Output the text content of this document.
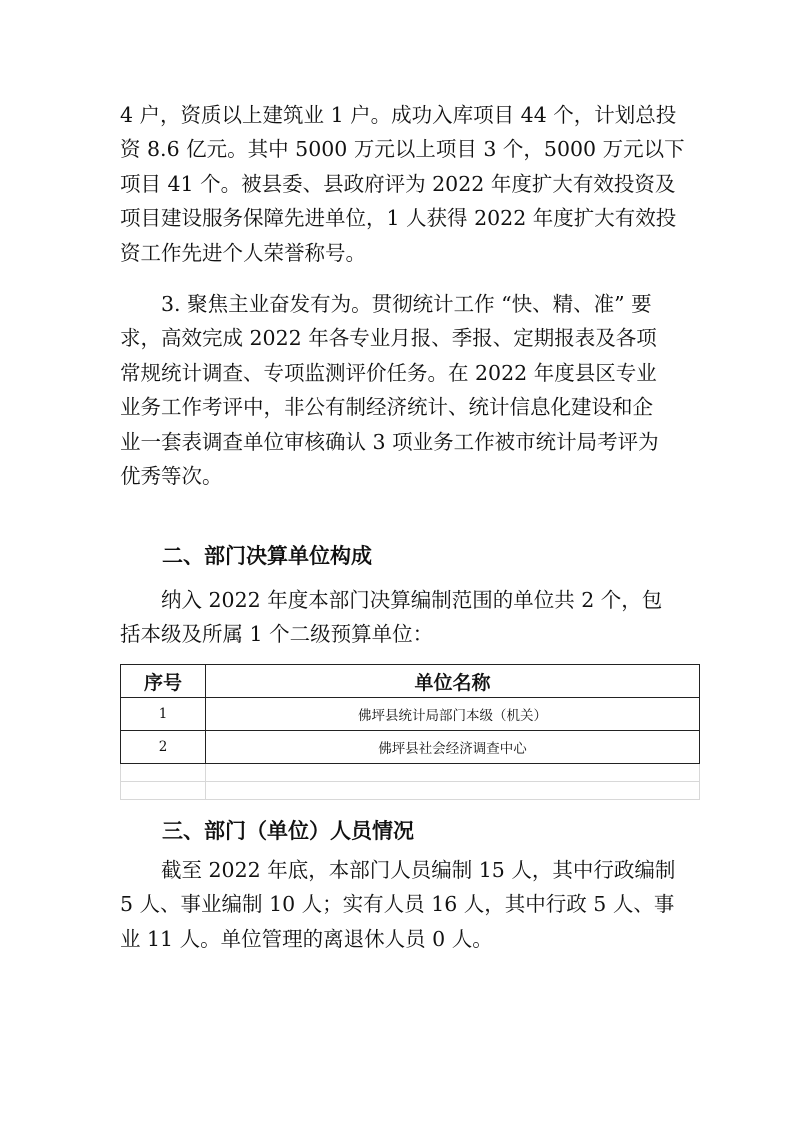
4 户，资质以上建筑业 1 户。成功入库项目 44 个，计划总投
资 8.6 亿元。其中 5000 万元以上项目 3 个，5000 万元以下
项目 41 个。被县委、县政府评为 2022 年度扩大有效投资及
项目建设服务保障先进单位，1 人获得 2022 年度扩大有效投
资工作先进个人荣誉称号。

3. 聚焦主业奋发有为。贯彻统计工作 “快、精、准” 要
求，高效完成 2022 年各专业月报、季报、定期报表及各项
常规统计调查、专项监测评价任务。在 2022 年度县区专业
业务工作考评中，非公有制经济统计、统计信息化建设和企
业一套表调查单位审核确认 3 项业务工作被市统计局考评为
优秀等次。

二、部门决算单位构成

纳入 2022 年度本部门决算编制范围的单位共 2 个，包
括本级及所属 1 个二级预算单位：

序号	单位名称
1	佛坪县统计局部门本级（机关）
2	佛坪县社会经济调查中心

三、部门（单位）人员情况

截至 2022 年底，本部门人员编制 15 人，其中行政编制
5 人、事业编制 10 人；实有人员 16 人，其中行政 5 人、事
业 11 人。单位管理的离退休人员 0 人。
